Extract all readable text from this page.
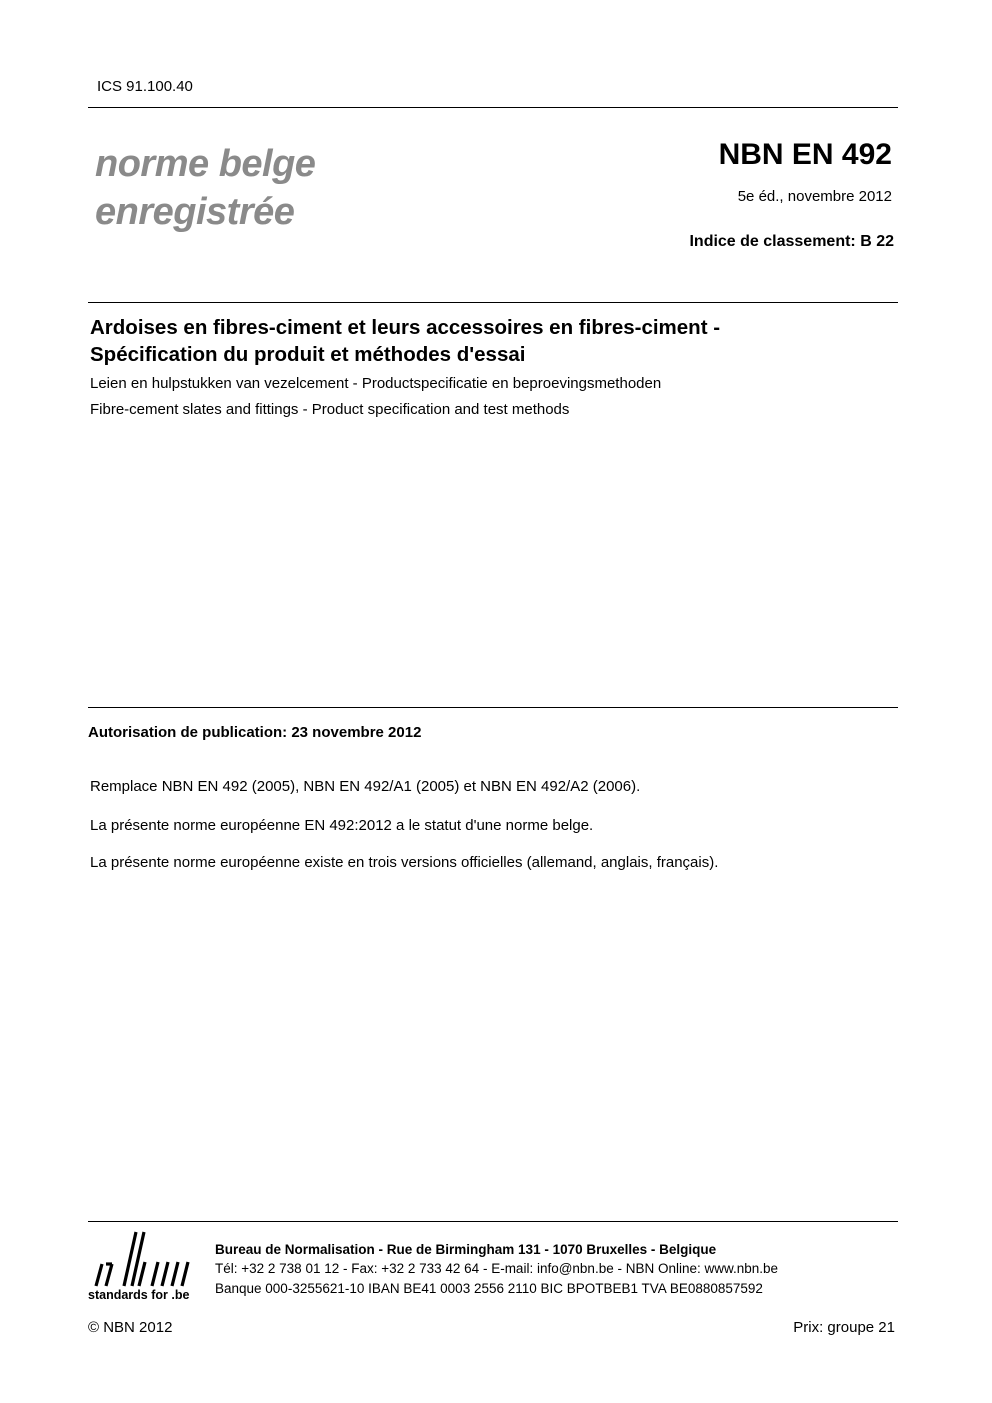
ICS 91.100.40
norme belge
enregistrée
NBN EN 492
5e éd., novembre 2012
Indice de classement: B 22
Ardoises en fibres-ciment et leurs accessoires en fibres-ciment -
Spécification du produit et méthodes d'essai
Leien en hulpstukken van vezelcement - Productspecificatie en beproevingsmethoden
Fibre-cement slates and fittings - Product specification and test methods
Autorisation de publication: 23 novembre 2012
Remplace NBN EN 492 (2005), NBN EN 492/A1 (2005) et NBN EN 492/A2 (2006).
La présente norme européenne EN 492:2012 a le statut d'une norme belge.
La présente norme européenne existe en trois versions officielles (allemand, anglais, français).
standards for .be
Bureau de Normalisation - Rue de Birmingham 131 - 1070 Bruxelles - Belgique
Tél: +32 2 738 01 12 - Fax: +32 2 733 42 64 - E-mail: info@nbn.be - NBN Online: www.nbn.be
Banque 000-3255621-10 IBAN BE41 0003 2556 2110 BIC BPOTBEB1 TVA BE0880857592
© NBN 2012	Prix: groupe 21
